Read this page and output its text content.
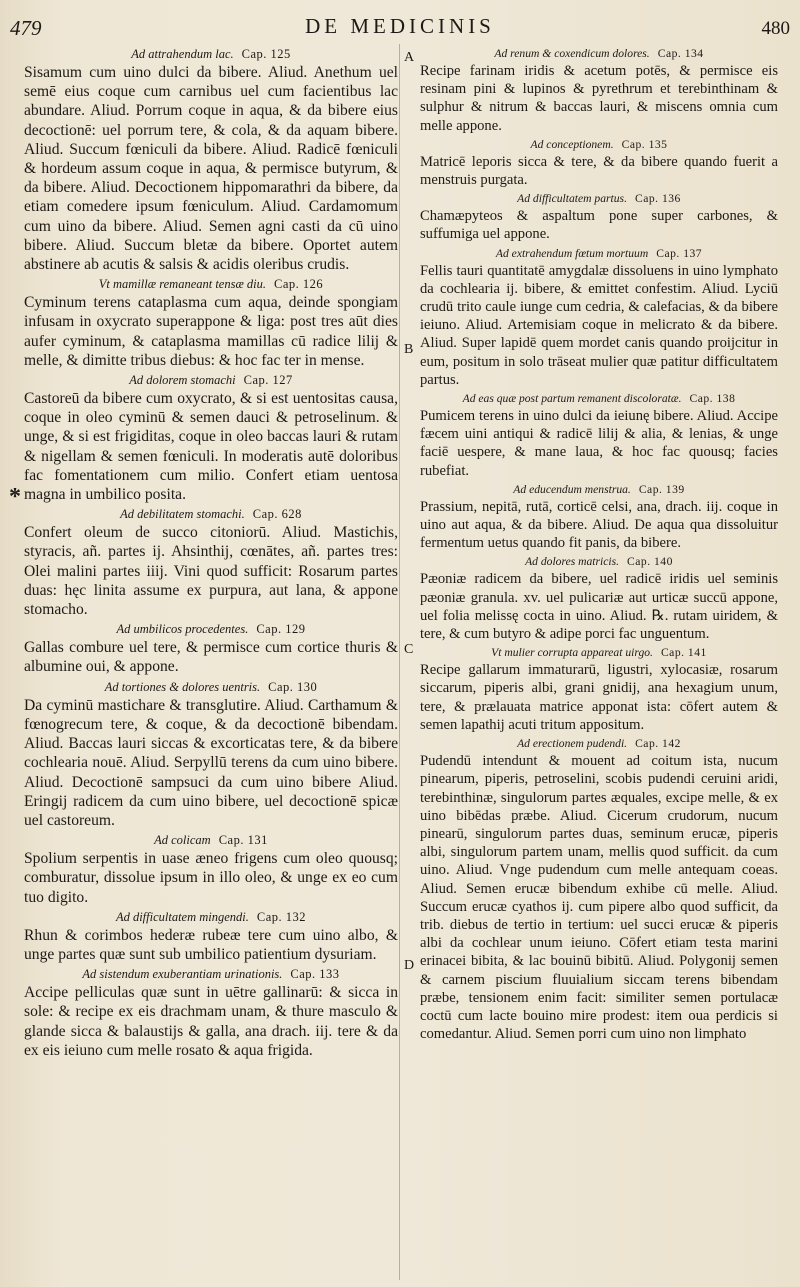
479	DE MEDICINIS	480
A
B
C
D
*
Ad attrahendum lac. Cap. 125

Sisamum cum uino dulci da bibere. Aliud. Anethum uel semē eius coque cum carnibus uel cum facientibus lac abundare. Aliud. Porrum coque in aqua, & da bibere eius decoctionē: uel porrum tere, & cola, & da aquam bibere. Aliud. Succum fœniculi da bibere. Aliud. Radicē fœniculi & hordeum assum coque in aqua, & permisce butyrum, & da bibere. Aliud. Decoctionem hippomarathri da bibere, da etiam comedere ipsum fœniculum. Aliud. Cardamomum cum uino da bibere. Aliud. Semen agni casti da cū uino bibere. Aliud. Succum bletæ da bibere. Oportet autem abstinere ab acutis & salsis & acidis oleribus crudis.

Vt mamillæ remaneant tensæ diu. Cap. 126

Cyminum terens cataplasma cum aqua, deinde spongiam infusam in oxycrato superappone & liga: post tres aūt dies aufer cyminum, & cataplasma mamillas cū radice lilij & melle, & dimitte tribus diebus: & hoc fac ter in mense.

Ad dolorem stomachi Cap. 127

Castoreū da bibere cum oxycrato, & si est uentositas causa, coque in oleo cyminū & semen dauci & petroselinum. & unge, & si est frigiditas, coque in oleo baccas lauri & rutam & nigellam & semen fœniculi. In moderatis autē doloribus fac fomentationem cum milio. Confert etiam uentosa magna in umbilico posita.

Ad debilitatem stomachi. Cap. 628

Confert oleum de succo citoniorū. Aliud. Mastichis, styracis, añ. partes ij. Ahsinthij, cœnātes, añ. partes tres: Olei malini partes iiij. Vini quod sufficit: Rosarum partes duas: hęc linita assume ex purpura, aut lana, & appone stomacho.

Ad umbilicos procedentes. Cap. 129

Gallas combure uel tere, & permisce cum cortice thuris & albumine oui, & appone.

Ad tortiones & dolores uentris. Cap. 130

Da cyminū mastichare & transglutire. Aliud. Carthamum & fœnogrecum tere, & coque, & da decoctionē bibendam. Aliud. Baccas lauri siccas & excorticatas tere, & da bibere cochlearia nouē. Aliud. Serpyllū terens da cum uino bibere. Aliud. Decoctionē sampsuci da cum uino bibere Aliud. Eringij radicem da cum uino bibere, uel decoctionē spicæ uel castoreum.

Ad colicam Cap. 131

Spolium serpentis in uase æneo frigens cum oleo quousq; comburatur, dissolue ipsum in illo oleo, & unge ex eo cum tuo digito.

Ad difficultatem mingendi. Cap. 132

Rhun & corimbos hederæ rubeæ tere cum uino albo, & unge partes quæ sunt sub umbilico patientium dysuriam.

Ad sistendum exuberantiam urinationis. Cap. 133

Accipe pelliculas quæ sunt in uētre gallinarū: & sicca in sole: & recipe ex eis drachmam unam, & thure masculo & glande sicca & balaustijs & galla, ana drach. iij. tere & da ex eis ieiuno cum melle rosato & aqua frigida.

Ad renum & coxendicum dolores. Cap. 134

Recipe farinam iridis & acetum potēs, & permisce eis resinam pini & lupinos & pyrethrum et terebinthinam & sulphur & nitrum & baccas lauri, & miscens omnia cum melle appone.

Ad conceptionem. Cap. 135

Matricē leporis sicca & tere, & da bibere quando fuerit a menstruis purgata.

Ad difficultatem partus. Cap. 136

Chamæpyteos & aspaltum pone super carbones, & suffumiga uel appone.

Ad extrahendum fœtum mortuum Cap. 137

Fellis tauri quantitatē amygdalæ dissoluens in uino lymphato da cochlearia ij. bibere, & emittet confestim. Aliud. Lyciū crudū trito caule iunge cum cedria, & calefacias, & da bibere ieiuno. Aliud. Artemisiam coque in melicrato & da bibere. Aliud. Super lapidē quem mordet canis quando proijcitur in eum, positum in solo trāseat mulier quæ patitur difficultatem partus.

Ad eas quæ post partum remanent discoloratæ. Cap. 138

Pumicem terens in uino dulci da ieiunę bibere. Aliud. Accipe fæcem uini antiqui & radicē lilij & alia, & lenias, & unge faciē uespere, & mane laua, & hoc fac quousq; facies rubefiat.

Ad educendum menstrua. Cap. 139

Prassium, nepitā, rutā, corticē celsi, ana, drach. iij. coque in uino aut aqua, & da bibere. Aliud. De aqua qua dissoluitur fermentum uetus quando fit panis, da bibere.

Ad dolores matricis. Cap. 140

Pæoniæ radicem da bibere, uel radicē iridis uel seminis pæoniæ granula. xv. uel pulicariæ aut urticæ succū appone, uel folia melissę cocta in uino. Aliud. ℞. rutam uiridem, & tere, & cum butyro & adipe porci fac unguentum.

Vt mulier corrupta appareat uirgo. Cap. 141

Recipe gallarum immaturarū, ligustri, xylocasiæ, rosarum siccarum, piperis albi, grani gnidij, ana hexagium unum, tere, & prælauata matrice apponat ista: cōfert autem & semen lapathij acuti tritum appositum.

Ad erectionem pudendi. Cap. 142

Pudendū intendunt & mouent ad coitum ista, nucum pinearum, piperis, petroselini, scobis pudendi ceruini aridi, terebinthinæ, singulorum partes æquales, excipe melle, & ex uino bibēdas præbe. Aliud. Cicerum crudorum, nucum pinearū, singulorum partes duas, seminum erucæ, piperis albi, singulorum partem unam, mellis quod sufficit. da cum uino. Aliud. Vnge pudendum cum melle antequam coeas. Aliud. Semen erucæ bibendum exhibe cū melle. Aliud. Succum erucæ cyathos ij. cum pipere albo quod sufficit, da trib. diebus de tertio in tertium: uel succi erucæ & piperis albi da cochlear unum ieiuno. Cōfert etiam testa marini erinacei bibita, & lac bouinū bibitū. Aliud. Polygonij semen & carnem piscium fluuialium siccam terens bibendam præbe, tensionem enim facit: similiter semen portulacæ coctū cum lacte bouino mire prodest: item oua perdicis si comedantur. Aliud. Semen porri cum uino non limphato
